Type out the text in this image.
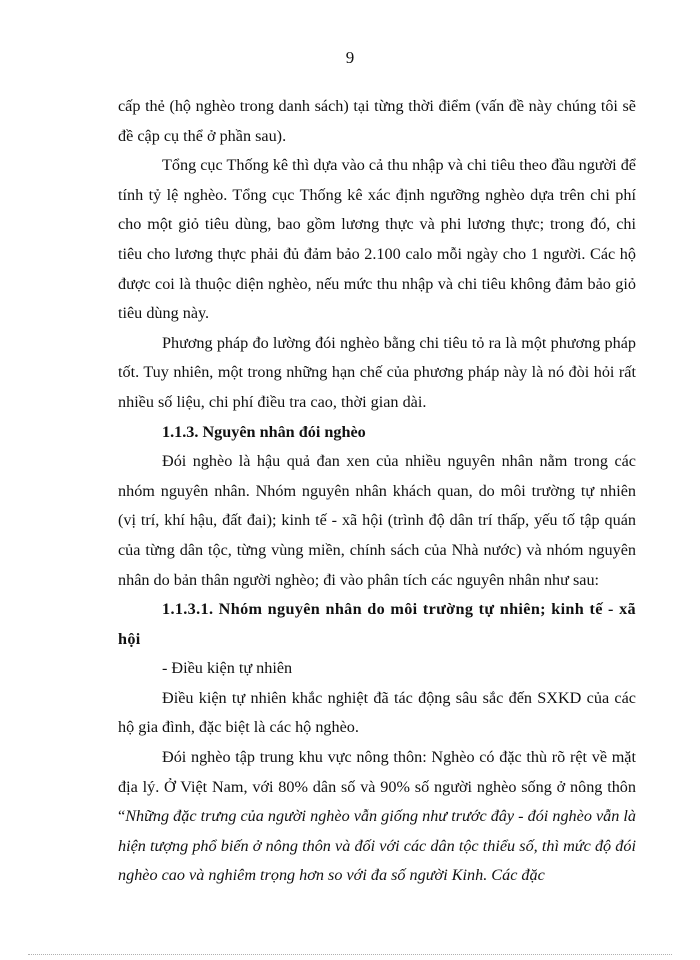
9

cấp thẻ (hộ nghèo trong danh sách) tại từng thời điểm (vấn đề này chúng tôi sẽ đề cập cụ thể ở phần sau).

Tổng cục Thống kê thì dựa vào cả thu nhập và chi tiêu theo đầu người để tính tỷ lệ nghèo. Tổng cục Thống kê xác định ngưỡng nghèo dựa trên chi phí cho một giỏ tiêu dùng, bao gồm lương thực và phi lương thực; trong đó, chi tiêu cho lương thực phải đủ đảm bảo 2.100 calo mỗi ngày cho 1 người. Các hộ được coi là thuộc diện nghèo, nếu mức thu nhập và chi tiêu không đảm bảo giỏ tiêu dùng này.

Phương pháp đo lường đói nghèo bằng chi tiêu tỏ ra là một phương pháp tốt. Tuy nhiên, một trong những hạn chế của phương pháp này là nó đòi hỏi rất nhiều số liệu, chi phí điều tra cao, thời gian dài.

1.1.3. Nguyên nhân đói nghèo

Đói nghèo là hậu quả đan xen của nhiều nguyên nhân nằm trong các nhóm nguyên nhân. Nhóm nguyên nhân khách quan, do môi trường tự nhiên (vị trí, khí hậu, đất đai); kinh tế - xã hội (trình độ dân trí thấp, yếu tố tập quán của từng dân tộc, từng vùng miền, chính sách của Nhà nước) và nhóm nguyên nhân do bản thân người nghèo; đi vào phân tích các nguyên nhân như sau:

1.1.3.1. Nhóm nguyên nhân do môi trường tự nhiên; kinh tế - xã hội

- Điều kiện tự nhiên

Điều kiện tự nhiên khắc nghiệt đã tác động sâu sắc đến SXKD của các hộ gia đình, đặc biệt là các hộ nghèo.

Đói nghèo tập trung khu vực nông thôn: Nghèo có đặc thù rõ rệt về mặt địa lý. Ở Việt Nam, với 80% dân số và 90% số người nghèo sống ở nông thôn “Những đặc trưng của người nghèo vẫn giống như trước đây - đói nghèo vẫn là hiện tượng phổ biến ở nông thôn và đối với các dân tộc thiểu số, thì mức độ đói nghèo cao và nghiêm trọng hơn so với đa số người Kinh. Các đặc
